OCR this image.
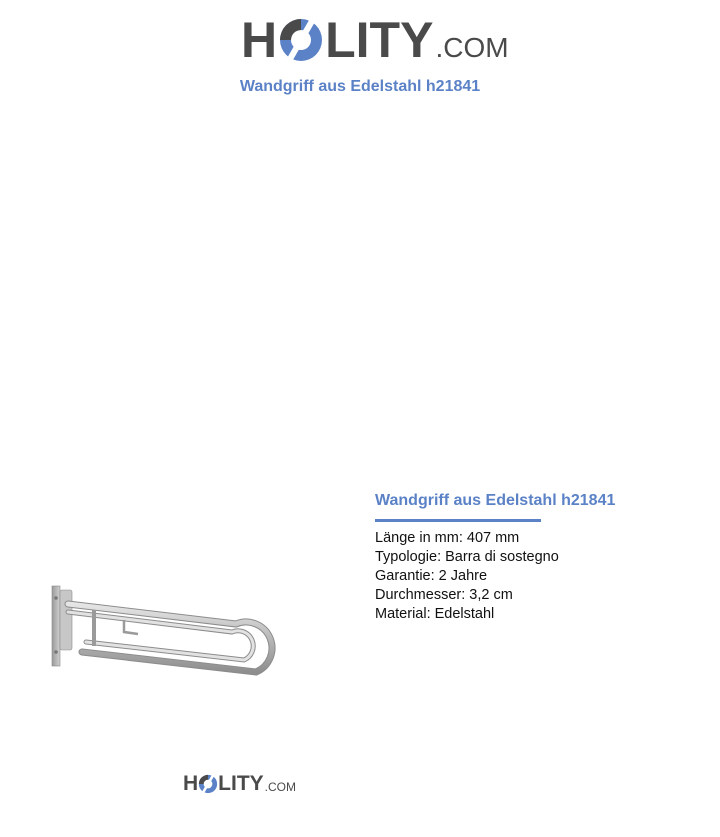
H LITY .COM
Wandgriff aus Edelstahl h21841
Wandgriff aus Edelstahl h21841
Länge in mm: 407 mm
Typologie: Barra di sostegno
Garantie: 2 Jahre
Durchmesser: 3,2 cm
Material: Edelstahl
H LITY .COM
